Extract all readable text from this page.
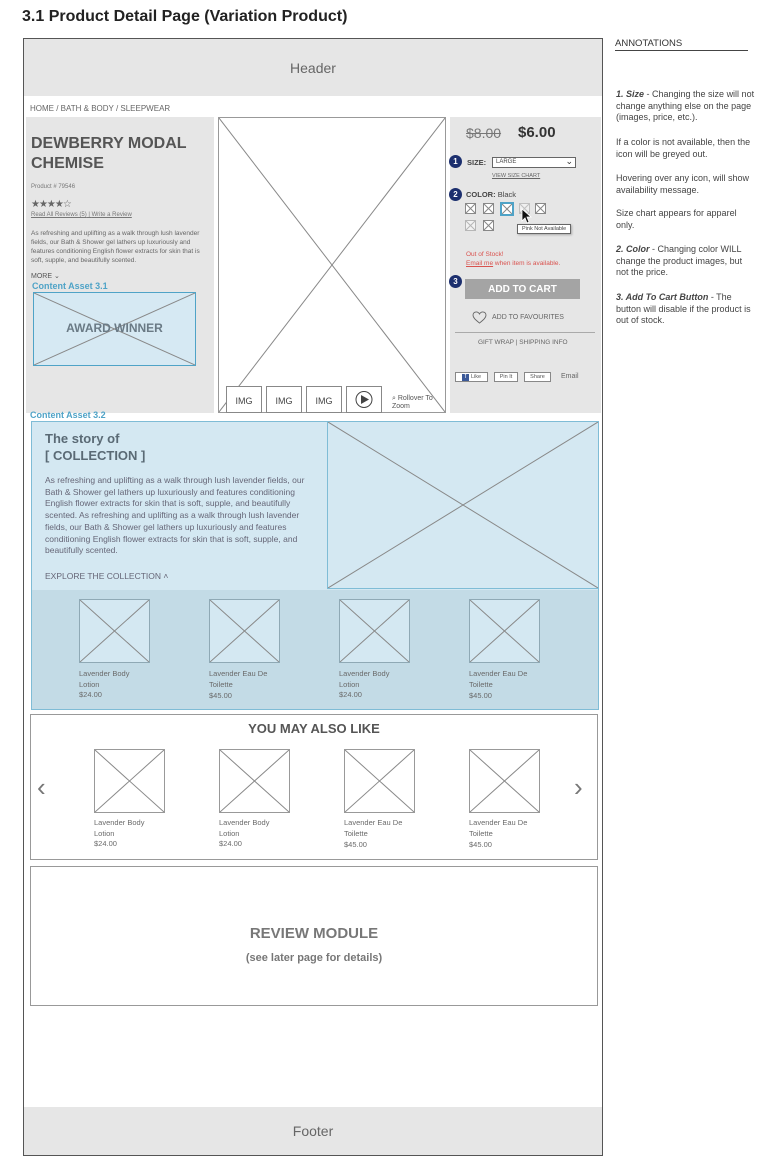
3.1 Product Detail Page (Variation Product)
Header
HOME / BATH & BODY / SLEEPWEAR
DEWBERRY MODAL CHEMISE
Product # 79546
★★★★☆
Read All Reviews (5) | Write a Review
As refreshing and uplifting as a walk through lush lavender fields, our Bath & Shower gel lathers up luxuriously and features conditioning English flower extracts for skin that is soft, supple, and beautifully scented.
MORE ⌄
Content Asset 3.1
AWARD WINNER
IMG	IMG	IMG	⌕ Rollover To Zoom
$8.00 $6.00
1	SIZE: LARGE	⌄
VIEW SIZE CHART
2	COLOR: Black
Pink Not Available
Out of Stock!
Email me when item is available.
3
ADD TO CART
ADD TO FAVOURITES
GIFT WRAP | SHIPPING INFO
f Like	Pin It	Share	Email
Content Asset 3.2
The story of
[ COLLECTION ]
As refreshing and uplifting as a walk through lush lavender fields, our Bath & Shower gel lathers up luxuriously and features conditioning English flower extracts for skin that is soft, supple, and beautifully scented. As refreshing and uplifting as a walk through lush lavender fields, our Bath & Shower gel lathers up luxuriously and features conditioning English flower extracts for skin that is soft, supple, and beautifully scented.
EXPLORE THE COLLECTION ˄
Lavender Body Lotion
$24.00
Lavender Eau De Toilette
$45.00
Lavender Body Lotion
$24.00
Lavender Eau De Toilette
$45.00
YOU MAY ALSO LIKE
‹	›
Lavender Body Lotion
$24.00
Lavender Body Lotion
$24.00
Lavender Eau De Toilette
$45.00
Lavender Eau De Toilette
$45.00
REVIEW MODULE
(see later page for details)
Footer
ANNOTATIONS
1. Size - Changing the size will not change anything else on the page (images, price, etc.).
If a color is not available, then the icon will be greyed out.
Hovering over any icon, will show availability message.
Size chart appears for apparel only.
2. Color - Changing color WILL change the product images, but not the price.
3. Add To Cart Button - The button will disable if the product is out of stock.
